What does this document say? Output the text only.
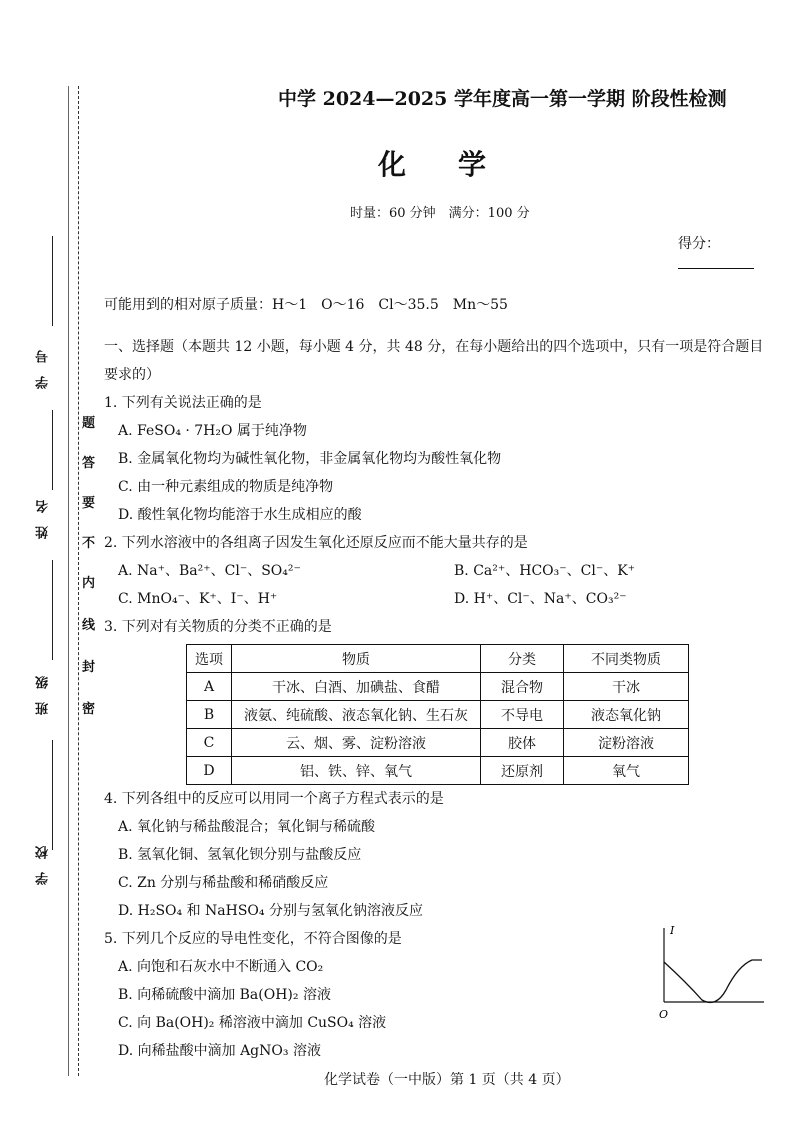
学　号
姓　名
班　级
学　校
题
答
要
不
内
线
封
密
中学 2024—2025 学年度高一第一学期 阶段性检测
化学
时量：60 分钟　满分：100 分
得分：
可能用到的相对原子质量：H～1　O～16　Cl～35.5　Mn～55
一、选择题（本题共 12 小题，每小题 4 分，共 48 分，在每小题给出的四个选项中，只有一项是符合题目要求的）
1. 下列有关说法正确的是
A. FeSO₄ · 7H₂O 属于纯净物
B. 金属氧化物均为碱性氧化物，非金属氧化物均为酸性氧化物
C. 由一种元素组成的物质是纯净物
D. 酸性氧化物均能溶于水生成相应的酸
2. 下列水溶液中的各组离子因发生氧化还原反应而不能大量共存的是
A. Na⁺、Ba²⁺、Cl⁻、SO₄²⁻	B. Ca²⁺、HCO₃⁻、Cl⁻、K⁺
C. MnO₄⁻、K⁺、I⁻、H⁺	D. H⁺、Cl⁻、Na⁺、CO₃²⁻
3. 下列对有关物质的分类不正确的是
选项	物质	分类	不同类物质
A	干冰、白酒、加碘盐、食醋	混合物	干冰
B	液氨、纯硫酸、液态氧化钠、生石灰	不导电	液态氧化钠
C	云、烟、雾、淀粉溶液	胶体	淀粉溶液
D	铝、铁、锌、氧气	还原剂	氧气
4. 下列各组中的反应可以用同一个离子方程式表示的是
A. 氧化钠与稀盐酸混合；氧化铜与稀硫酸
B. 氢氧化铜、氢氧化钡分别与盐酸反应
C. Zn 分别与稀盐酸和稀硝酸反应
D. H₂SO₄ 和 NaHSO₄ 分别与氢氧化钠溶液反应
5. 下列几个反应的导电性变化，不符合图像的是
A. 向饱和石灰水中不断通入 CO₂
B. 向稀硫酸中滴加 Ba(OH)₂ 溶液
C. 向 Ba(OH)₂ 稀溶液中滴加 CuSO₄ 溶液
D. 向稀盐酸中滴加 AgNO₃ 溶液
I
O
化学试卷（一中版）第 1 页（共 4 页）
